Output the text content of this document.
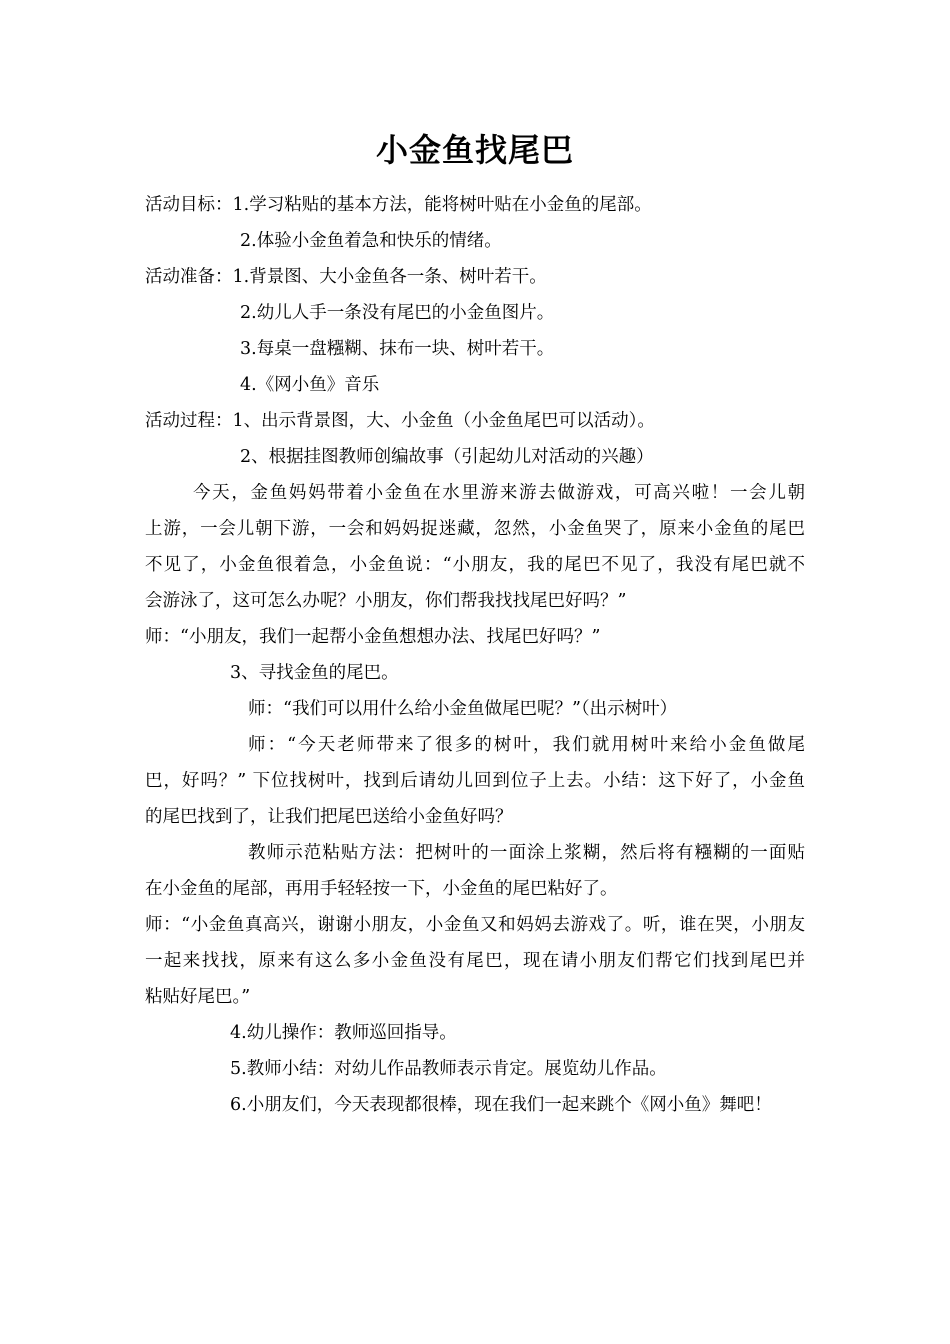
小金鱼找尾巴
活动目标：1.学习粘贴的基本方法，能将树叶贴在小金鱼的尾部。
2.体验小金鱼着急和快乐的情绪。
活动准备：1.背景图、大小金鱼各一条、树叶若干。
2.幼儿人手一条没有尾巴的小金鱼图片。
3.每桌一盘糨糊、抹布一块、树叶若干。
4.《网小鱼》音乐
活动过程：1、出示背景图，大、小金鱼（小金鱼尾巴可以活动）。
2、根据挂图教师创编故事（引起幼儿对活动的兴趣）
今天，金鱼妈妈带着小金鱼在水里游来游去做游戏，可高兴啦！一会儿朝
上游，一会儿朝下游，一会和妈妈捉迷藏，忽然，小金鱼哭了，原来小金鱼的尾巴
不见了，小金鱼很着急，小金鱼说：“小朋友，我的尾巴不见了，我没有尾巴就不
会游泳了，这可怎么办呢？小朋友，你们帮我找找尾巴好吗？”
师：“小朋友，我们一起帮小金鱼想想办法、找尾巴好吗？”
3、寻找金鱼的尾巴。
师：“我们可以用什么给小金鱼做尾巴呢？”（出示树叶）
师：“今天老师带来了很多的树叶，我们就用树叶来给小金鱼做尾
巴，好吗？” 下位找树叶，找到后请幼儿回到位子上去。小结：这下好了，小金鱼
的尾巴找到了，让我们把尾巴送给小金鱼好吗？
教师示范粘贴方法：把树叶的一面涂上浆糊，然后将有糨糊的一面贴
在小金鱼的尾部，再用手轻轻按一下，小金鱼的尾巴粘好了。
师：“小金鱼真高兴，谢谢小朋友，小金鱼又和妈妈去游戏了。听，谁在哭，小朋友
一起来找找，原来有这么多小金鱼没有尾巴，现在请小朋友们帮它们找到尾巴并
粘贴好尾巴。”
4.幼儿操作：教师巡回指导。
5.教师小结：对幼儿作品教师表示肯定。展览幼儿作品。
6.小朋友们，今天表现都很棒，现在我们一起来跳个《网小鱼》舞吧！
